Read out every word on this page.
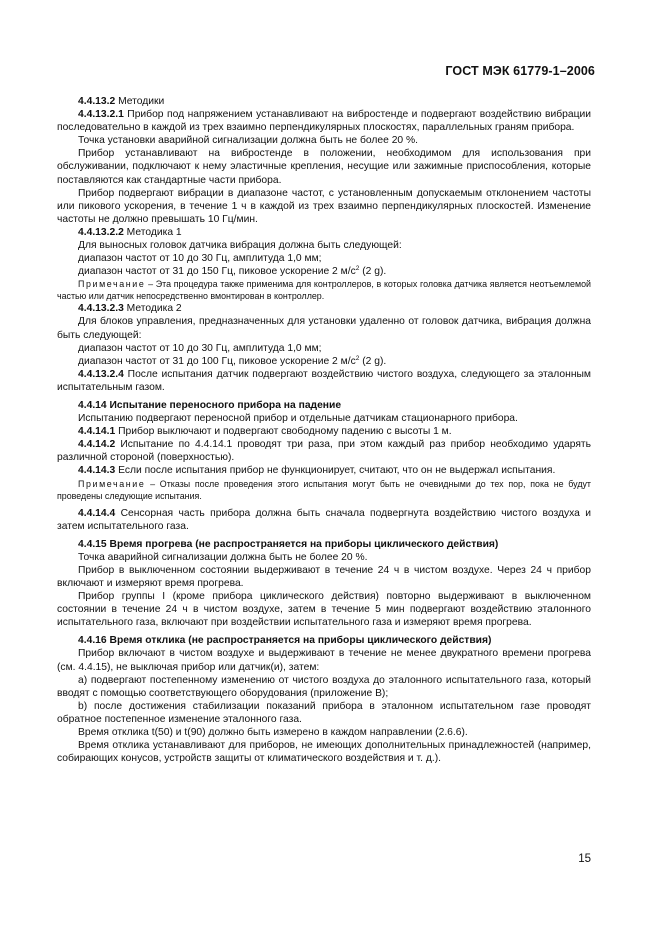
ГОСТ МЭК 61779-1–2006

4.4.13.2 Методики

4.4.13.2.1 Прибор под напряжением устанавливают на вибростенде и подвергают воздействию вибрации последовательно в каждой из трех взаимно перпендикулярных плоскостях, параллельных граням прибора.

Точка установки аварийной сигнализации должна быть не более 20 %.

Прибор устанавливают на вибростенде в положении, необходимом для использования при обслуживании, подключают к нему эластичные крепления, несущие или зажимные приспособления, которые поставляются как стандартные части прибора.

Прибор подвергают вибрации в диапазоне частот, с установленным допускаемым отклонением частоты или пикового ускорения, в течение 1 ч в каждой из трех взаимно перпендикулярных плоскостей. Изменение частоты не должно превышать 10 Гц/мин.

4.4.13.2.2 Методика 1

Для выносных головок датчика вибрация должна быть следующей:

диапазон частот от 10 до 30 Гц, амплитуда 1,0 мм;

диапазон частот от 31 до 150 Гц, пиковое ускорение 2 $м/с^2$ (2 g).

Примечание – Эта процедура также применима для контроллеров, в которых головка датчика является неотъемлемой частью или датчик непосредственно вмонтирован в контроллер.

4.4.13.2.3 Методика 2

Для блоков управления, предназначенных для установки удаленно от головок датчика, вибрация должна быть следующей:

диапазон частот от 10 до 30 Гц, амплитуда 1,0 мм;

диапазон частот от 31 до 100 Гц, пиковое ускорение 2 $м/с^2$ (2 g).

4.4.13.2.4 После испытания датчик подвергают воздействию чистого воздуха, следующего за эталонным испытательным газом.

4.4.14 Испытание переносного прибора на падение

Испытанию подвергают переносной прибор и отдельные датчикам стационарного прибора.

4.4.14.1 Прибор выключают и подвергают свободному падению с высоты 1 м.

4.4.14.2 Испытание по 4.4.14.1 проводят три раза, при этом каждый раз прибор необходимо ударять различной стороной (поверхностью).

4.4.14.3 Если после испытания прибор не функционирует, считают, что он не выдержал испытания.

Примечание – Отказы после проведения этого испытания могут быть не очевидными до тех пор, пока не будут проведены следующие испытания.

4.4.14.4 Сенсорная часть прибора должна быть сначала подвергнута воздействию чистого воздуха и затем испытательного газа.

4.4.15 Время прогрева (не распространяется на приборы циклического действия)

Точка аварийной сигнализации должна быть не более 20 %.

Прибор в выключенном состоянии выдерживают в течение 24 ч в чистом воздухе. Через 24 ч прибор включают и измеряют время прогрева.

Прибор группы I (кроме прибора циклического действия) повторно выдерживают в выключенном состоянии в течение 24 ч в чистом воздухе, затем в течение 5 мин подвергают воздействию эталонного испытательного газа, включают при воздействии испытательного газа и измеряют время прогрева.

4.4.16 Время отклика (не распространяется на приборы циклического действия)

Прибор включают в чистом воздухе и выдерживают в течение не менее двукратного времени прогрева (см. 4.4.15), не выключая прибор или датчик(и), затем:

а) подвергают постепенному изменению от чистого воздуха до эталонного испытательного газа, который вводят с помощью соответствующего оборудования (приложение В);

b) после достижения стабилизации показаний прибора в эталонном испытательном газе проводят обратное постепенное изменение эталонного газа.

Время отклика t(50) и t(90) должно быть измерено в каждом направлении (2.6.6).

Время отклика устанавливают для приборов, не имеющих дополнительных принадлежностей (например, собирающих конусов, устройств защиты от климатического воздействия и т. д.).

15
